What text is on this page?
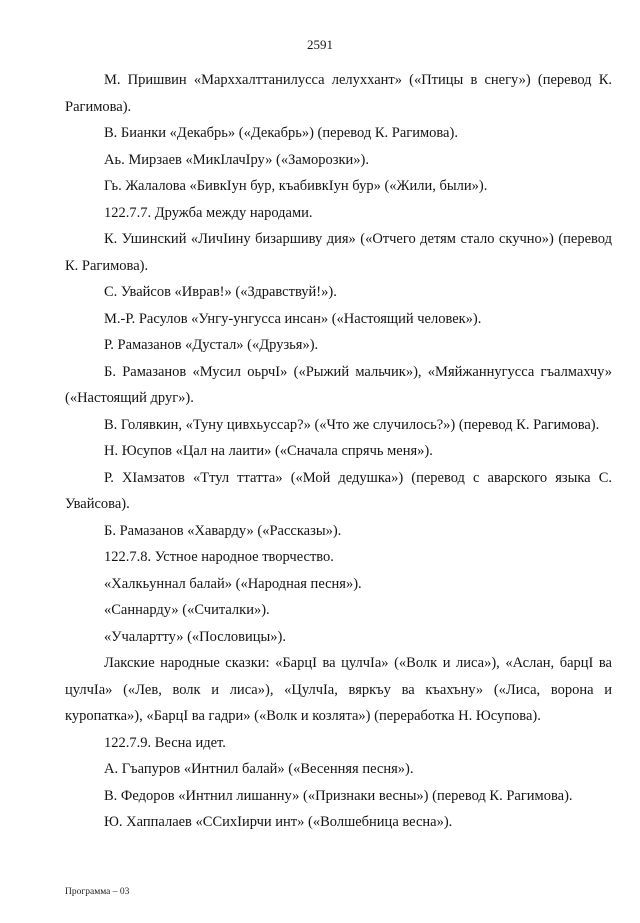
2591

М. Пришвин «Марххалттанилусса лелуххант» («Птицы в снегу») (перевод К. Рагимова).

В. Бианки «Декабрь» («Декабрь») (перевод К. Рагимова).

Аь. Мирзаев «МикIлачIру» («Заморозки»).

Гь. Жалалова «БивкIун бур, къабивкIун бур» («Жили, были»).

122.7.7. Дружба между народами.

К. Ушинский «ЛичIину бизаршиву дия» («Отчего детям стало скучно») (перевод К. Рагимова).

С. Увайсов «Иврав!» («Здравствуй!»).

М.-Р. Расулов «Унгу-унгусса инсан» («Настоящий человек»).

Р. Рамазанов «Дустал» («Друзья»).

Б. Рамазанов «Мусил оьрчI» («Рыжий мальчик»), «Мяйжаннугусса гъалмахчу» («Настоящий друг»).

В. Голявкин, «Туну цивхьуссар?» («Что же случилось?») (перевод К. Рагимова).

Н. Юсупов «Цал на лаити» («Сначала спрячь меня»).

Р. ХIамзатов «Ттул ттатта» («Мой дедушка») (перевод с аварского языка С. Увайсова).

Б. Рамазанов «Хаварду» («Рассказы»).

122.7.8. Устное народное творчество.

«Халкьуннал балай» («Народная песня»).

«Саннарду» («Считалки»).

«Учалартту» («Пословицы»).

Лакские народные сказки: «БарцI ва цулчIа» («Волк и лиса»), «Аслан, барцI ва цулчIа» («Лев, волк и лиса»), «ЦулчIа, вяркъу ва къахъну» («Лиса, ворона и куропатка»), «БарцI ва гадри» («Волк и козлята») (переработка Н. Юсупова).

122.7.9. Весна идет.

А. Гъапуров «Интнил балай» («Весенняя песня»).

В. Федоров «Интнил лишанну» («Признаки весны») (перевод К. Рагимова).

Ю. Хаппалаев «ССихIирчи инт» («Волшебница весна»).

Программа – 03
